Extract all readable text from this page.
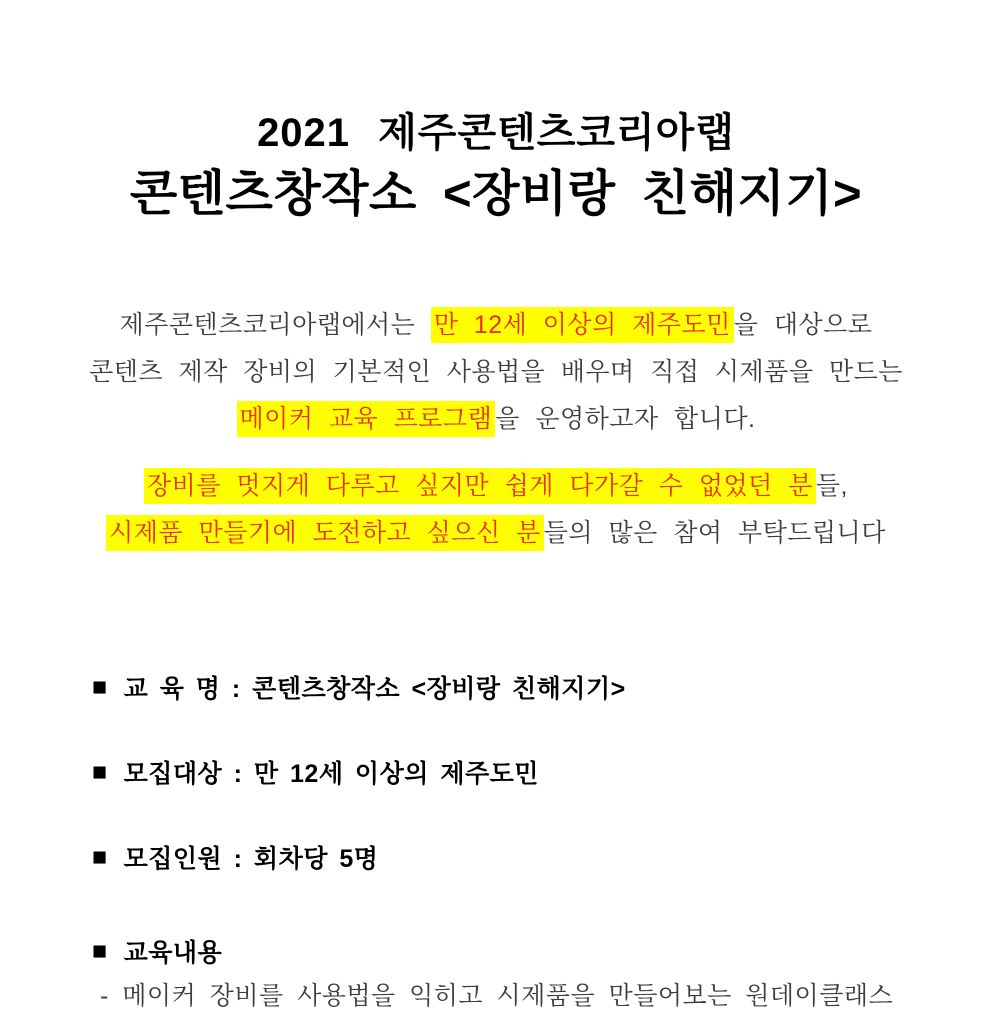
2021 제주콘텐츠코리아랩
콘텐츠창작소 <장비랑 친해지기>
제주콘텐츠코리아랩에서는 만 12세 이상의 제주도민 을 대상으로
콘텐츠 제작 장비의 기본적인 사용법을 배우며 직접 시제품을 만드는
메이커 교육 프로그램 을 운영하고자 합니다.
장비를 멋지게 다루고 싶지만 쉽게 다가갈 수 없었던 분 들,
시제품 만들기에 도전하고 싶으신 분 들의 많은 참여 부탁드립니다
■ 교 육 명 : 콘텐츠창작소 <장비랑 친해지기>
■ 모집대상 : 만 12세 이상의 제주도민
■ 모집인원 : 회차당 5명
■ 교육내용
- 메이커 장비를 사용법을 익히고 시제품을 만들어보는 원데이클래스
